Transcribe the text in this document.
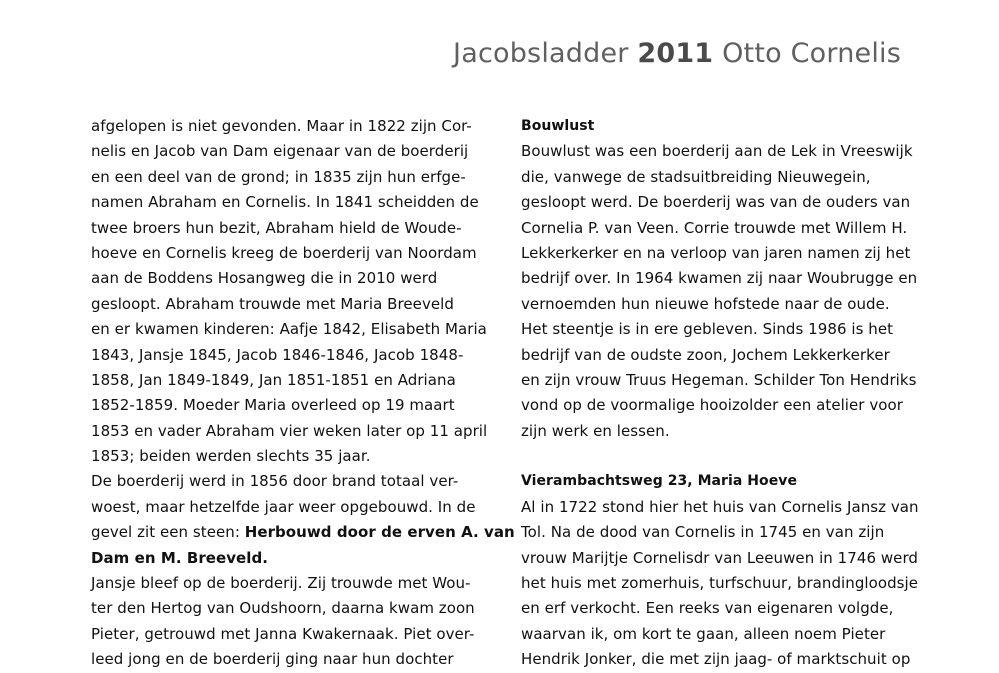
Jacobsladder 2011 Otto Cornelis
afgelopen is niet gevonden. Maar in 1822 zijn Cor-
nelis en Jacob van Dam eigenaar van de boerderij
en een deel van de grond; in 1835 zijn hun erfge-
namen Abraham en Cornelis. In 1841 scheidden de
twee broers hun bezit, Abraham hield de Woude-
hoeve en Cornelis kreeg de boerderij van Noordam
aan de Boddens Hosangweg die in 2010 werd
gesloopt. Abraham trouwde met Maria Breeveld
en er kwamen kinderen: Aafje 1842, Elisabeth Maria
1843, Jansje 1845, Jacob 1846-1846, Jacob 1848-
1858, Jan 1849-1849, Jan 1851-1851 en Adriana
1852-1859. Moeder Maria overleed op 19 maart
1853 en vader Abraham vier weken later op 11 april
1853; beiden werden slechts 35 jaar.
De boerderij werd in 1856 door brand totaal ver-
woest, maar hetzelfde jaar weer opgebouwd. In de
gevel zit een steen: Herbouwd door de erven A. van
Dam en M. Breeveld.
Jansje bleef op de boerderij. Zij trouwde met Wou-
ter den Hertog van Oudshoorn, daarna kwam zoon
Pieter, getrouwd met Janna Kwakernaak. Piet over-
leed jong en de boerderij ging naar hun dochter
Bouwlust
Bouwlust was een boerderij aan de Lek in Vreeswijk
die, vanwege de stadsuitbreiding Nieuwegein,
gesloopt werd. De boerderij was van de ouders van
Cornelia P. van Veen. Corrie trouwde met Willem H.
Lekkerkerker en na verloop van jaren namen zij het
bedrijf over. In 1964 kwamen zij naar Woubrugge en
vernoemden hun nieuwe hofstede naar de oude.
Het steentje is in ere gebleven. Sinds 1986 is het
bedrijf van de oudste zoon, Jochem Lekkerkerker
en zijn vrouw Truus Hegeman. Schilder Ton Hendriks
vond op de voormalige hooizolder een atelier voor
zijn werk en lessen.
Vierambachtsweg 23, Maria Hoeve
Al in 1722 stond hier het huis van Cornelis Jansz van
Tol. Na de dood van Cornelis in 1745 en van zijn
vrouw Marijtje Cornelisdr van Leeuwen in 1746 werd
het huis met zomerhuis, turfschuur, brandingloodsje
en erf verkocht. Een reeks van eigenaren volgde,
waarvan ik, om kort te gaan, alleen noem Pieter
Hendrik Jonker, die met zijn jaag- of marktschuit op
